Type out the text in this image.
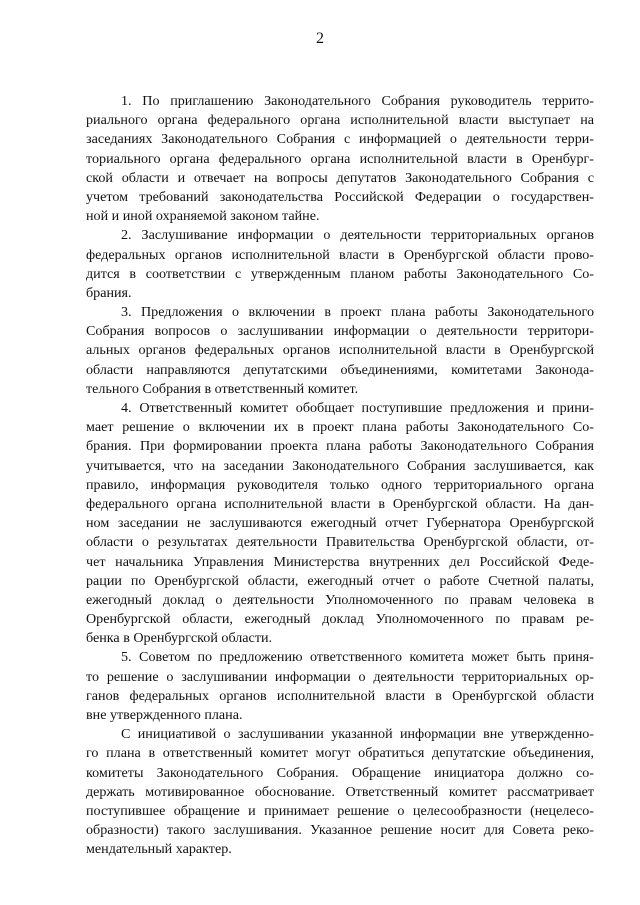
2
1. По приглашению Законодательного Собрания руководитель террито-
риального органа федерального органа исполнительной власти выступает на
заседаниях Законодательного Собрания с информацией о деятельности терри-
ториального органа федерального органа исполнительной власти в Оренбург-
ской области и отвечает на вопросы депутатов Законодательного Собрания с
учетом требований законодательства Российской Федерации о государствен-
ной и иной охраняемой законом тайне.
2. Заслушивание информации о деятельности территориальных органов
федеральных органов исполнительной власти в Оренбургской области прово-
дится в соответствии с утвержденным планом работы Законодательного Со-
брания.
3. Предложения о включении в проект плана работы Законодательного
Собрания вопросов о заслушивании информации о деятельности территори-
альных органов федеральных органов исполнительной власти в Оренбургской
области направляются депутатскими объединениями, комитетами Законода-
тельного Собрания в ответственный комитет.
4. Ответственный комитет обобщает поступившие предложения и прини-
мает решение о включении их в проект плана работы Законодательного Со-
брания. При формировании проекта плана работы Законодательного Собрания
учитывается, что на заседании Законодательного Собрания заслушивается, как
правило, информация руководителя только одного территориального органа
федерального органа исполнительной власти в Оренбургской области. На дан-
ном заседании не заслушиваются ежегодный отчет Губернатора Оренбургской
области о результатах деятельности Правительства Оренбургской области, от-
чет начальника Управления Министерства внутренних дел Российской Феде-
рации по Оренбургской области, ежегодный отчет о работе Счетной палаты,
ежегодный доклад о деятельности Уполномоченного по правам человека в
Оренбургской области, ежегодный доклад Уполномоченного по правам ре-
бенка в Оренбургской области.
5. Советом по предложению ответственного комитета может быть приня-
то решение о заслушивании информации о деятельности территориальных ор-
ганов федеральных органов исполнительной власти в Оренбургской области
вне утвержденного плана.
С инициативой о заслушивании указанной информации вне утвержденно-
го плана в ответственный комитет могут обратиться депутатские объединения,
комитеты Законодательного Собрания. Обращение инициатора должно со-
держать мотивированное обоснование. Ответственный комитет рассматривает
поступившее обращение и принимает решение о целесообразности (нецелесо-
образности) такого заслушивания. Указанное решение носит для Совета реко-
мендательный характер.
